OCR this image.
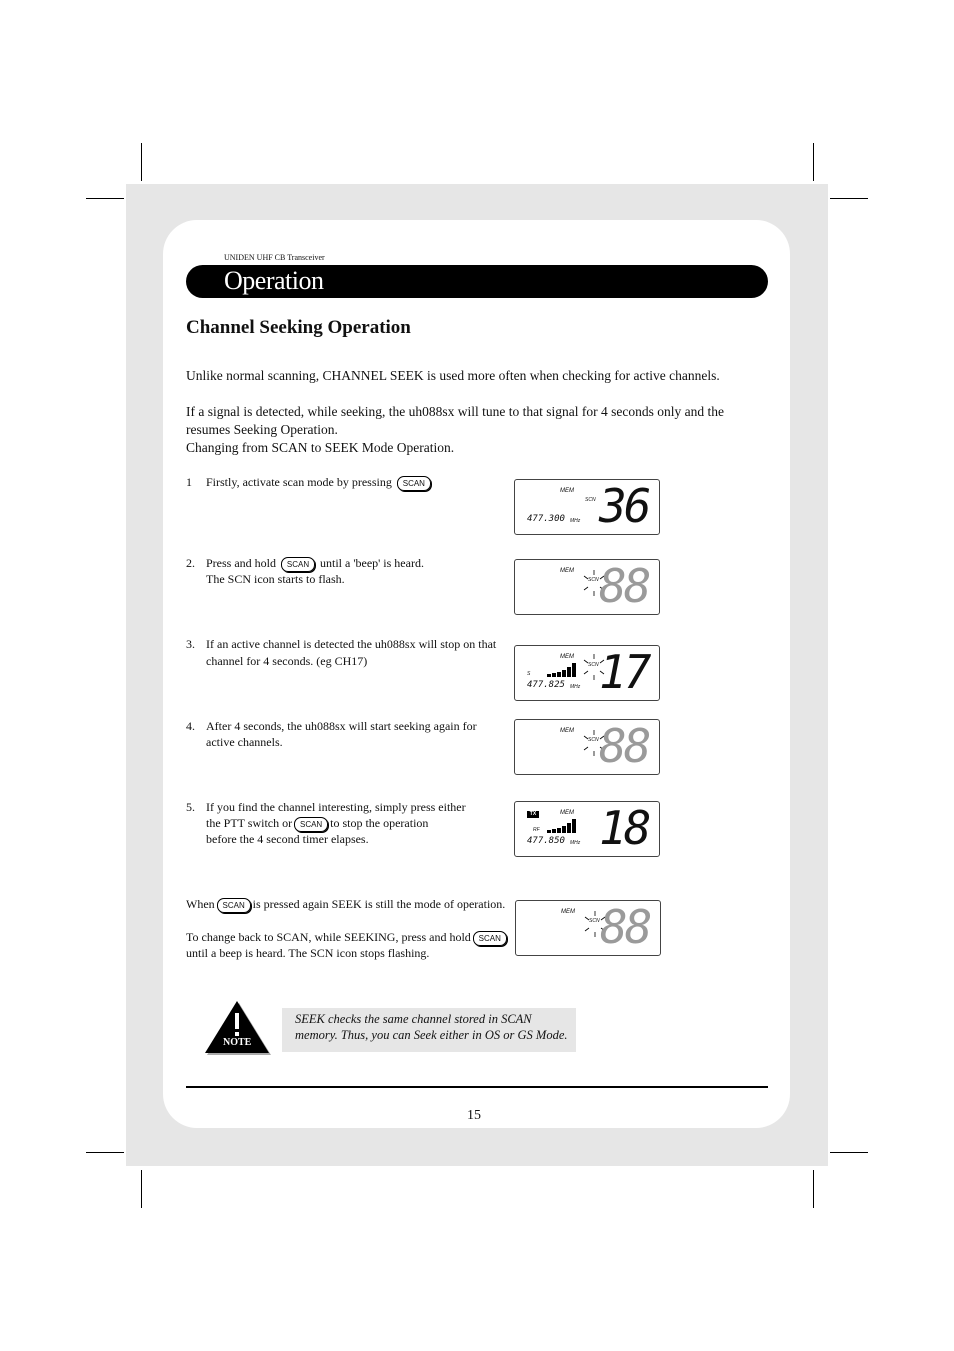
UNIDEN UHF CB Transceiver
Operation
Channel Seeking Operation
Unlike normal scanning, CHANNEL SEEK is used more often when checking for active channels.
If a signal is detected, while seeking, the uh088sx will tune to that signal for 4 seconds only and the
resumes Seeking Operation.
Changing from SCAN to SEEK Mode Operation.
1 Firstly, activate scan mode by pressing SCAN
2. Press and hold SCAN until a 'beep' is heard.
The SCN icon starts to flash.
3. If an active channel is detected the uh088sx will stop on that
channel for 4 seconds. (eg CH17)
4. After 4 seconds, the uh088sx will start seeking again for
active channels.
5. If you find the channel interesting, simply press either
the PTT switch or SCAN to stop the operation
before the 4 second timer elapses.
When SCAN is pressed again SEEK is still the mode of operation.
To change back to SCAN, while SEEKING, press and hold SCAN
until a beep is heard. The SCN icon stops flashing.
MEM
SCN
477.300 MHz 36
MEM
SCN 88
MEM
S
SCN
477.825 MHz 17
MEM
SCN 88
TX	MEM
RF
477.850 MHz 18
MEM
SCN 88
NOTE
SEEK checks the same channel stored in SCAN
memory. Thus, you can Seek either in OS or GS Mode.
15
